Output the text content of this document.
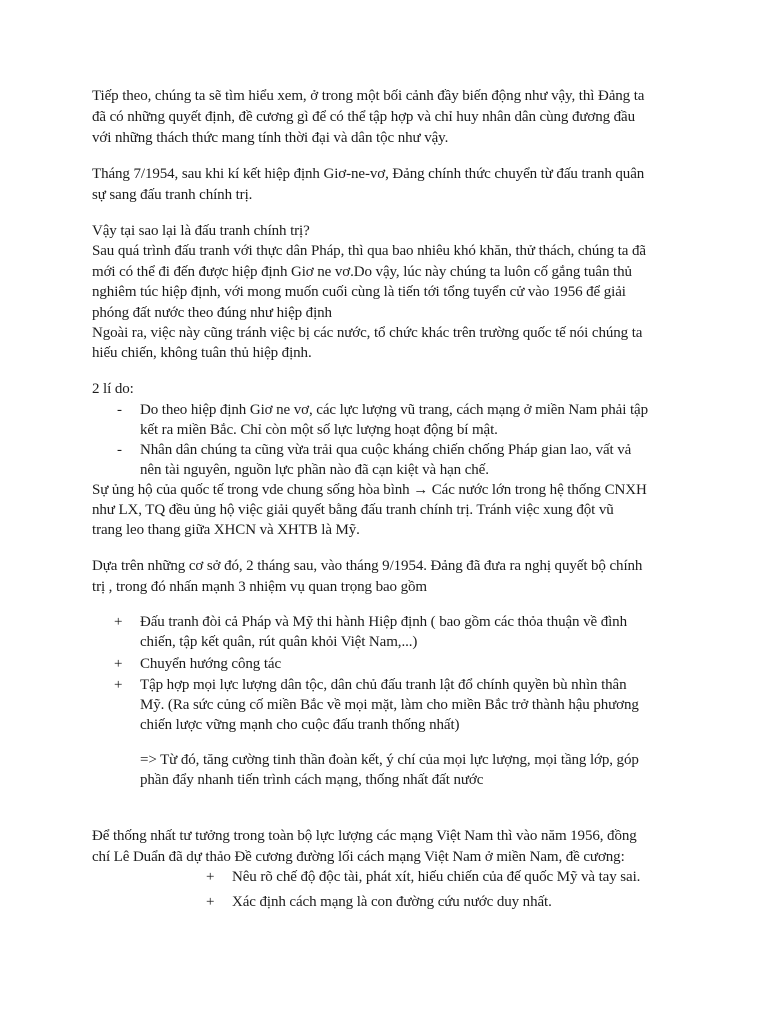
Tiếp theo, chúng ta sẽ tìm hiểu xem, ở trong một bối cảnh đầy biến động như vậy, thì Đảng ta
đã có những quyết định, đề cương gì để có thể tập hợp và chỉ huy nhân dân cùng đương đầu
với những thách thức mang tính thời đại và dân tộc như vậy.
Tháng 7/1954, sau khi kí kết hiệp định Giơ-ne-vơ, Đảng chính thức chuyển từ đấu tranh quân
sự sang đấu tranh chính trị.
Vậy tại sao lại là đấu tranh chính trị?
Sau quá trình đấu tranh với thực dân Pháp, thì qua bao nhiêu khó khăn, thử thách, chúng ta đã
mới có thể đi đến được hiệp định Giơ ne vơ.Do vậy, lúc này chúng ta luôn cố gắng tuân thủ
nghiêm túc hiệp định, với mong muốn cuối cùng là tiến tới tổng tuyển cử vào 1956 để giải
phóng đất nước theo đúng như hiệp định
Ngoài ra, việc này cũng tránh việc bị các nước, tổ chức khác trên trường quốc tế nói chúng ta
hiếu chiến, không tuân thủ hiệp định.
2 lí do:
- Do theo hiệp định Giơ ne vơ, các lực lượng vũ trang, cách mạng ở miền Nam phải tập
kết ra miền Bắc. Chỉ còn một số lực lượng hoạt động bí mật.
- Nhân dân chúng ta cũng vừa trải qua cuộc kháng chiến chống Pháp gian lao, vất vả
nên tài nguyên, nguồn lực phần nào đã cạn kiệt và hạn chế.
Sự ủng hộ của quốc tế trong vde chung sống hòa bình → Các nước lớn trong hệ thống CNXH
như LX, TQ đều ủng hộ việc giải quyết bằng đấu tranh chính trị. Tránh việc xung đột vũ
trang leo thang giữa XHCN và XHTB là Mỹ.
Dựa trên những cơ sở đó, 2 tháng sau, vào tháng 9/1954. Đảng đã đưa ra nghị quyết bộ chính
trị , trong đó nhấn mạnh 3 nhiệm vụ quan trọng bao gồm
+ Đấu tranh đòi cả Pháp và Mỹ thi hành Hiệp định ( bao gồm các thỏa thuận về đình
chiến, tập kết quân, rút quân khỏi Việt Nam,...)
+ Chuyển hướng công tác
+ Tập hợp mọi lực lượng dân tộc, dân chủ đấu tranh lật đổ chính quyền bù nhìn thân
Mỹ. (Ra sức củng cố miền Bắc về mọi mặt, làm cho miền Bắc trở thành hậu phương
chiến lược vững mạnh cho cuộc đấu tranh thống nhất)
=> Từ đó, tăng cường tinh thần đoàn kết, ý chí của mọi lực lượng, mọi tầng lớp, góp
phần đẩy nhanh tiến trình cách mạng, thống nhất đất nước
Để thống nhất tư tưởng trong toàn bộ lực lượng các mạng Việt Nam thì vào năm 1956, đồng
chí Lê Duẩn đã dự thảo Đề cương đường lối cách mạng Việt Nam ở miền Nam, đề cương:
+ Nêu rõ chế độ độc tài, phát xít, hiếu chiến của đế quốc Mỹ và tay sai.
+ Xác định cách mạng là con đường cứu nước duy nhất.
